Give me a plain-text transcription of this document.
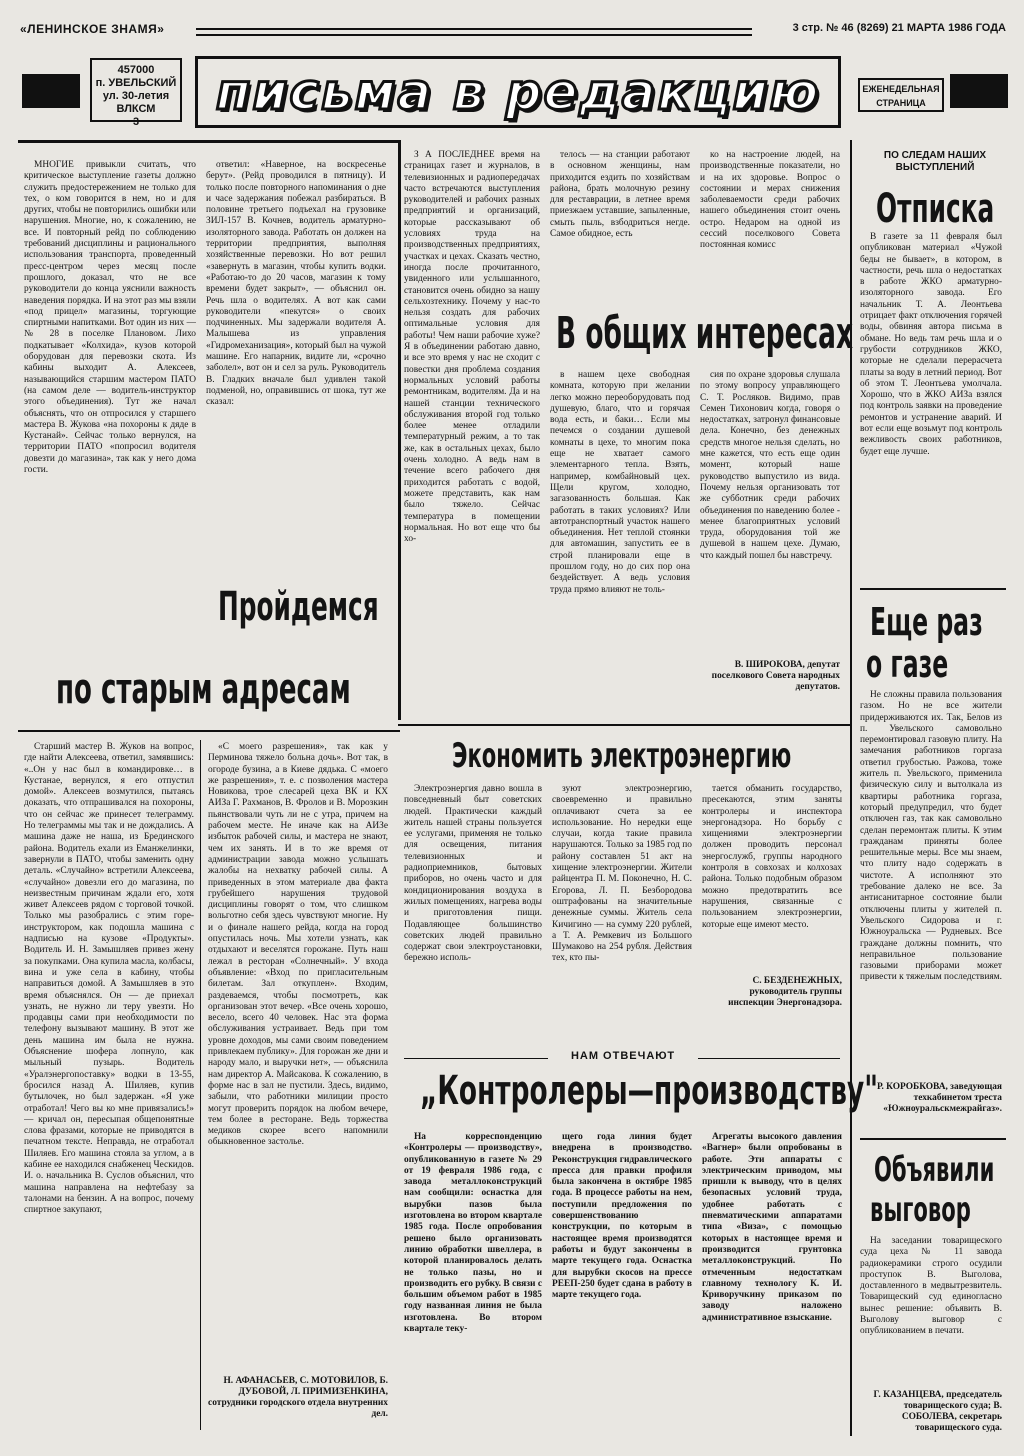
«ЛЕНИНСКОЕ ЗНАМЯ»	3 стр. № 46 (8269) 21 МАРТА 1986 ГОДА
457000
п. УВЕЛЬСКИЙ
ул. 30-летия ВЛКСМ
3
письма в редакцию	ЕЖЕНЕДЕЛЬНАЯ
СТРАНИЦА

МНОГИЕ привыкли считать, что критическое выступление газеты должно служить предостережением не только для тех, о ком говорится в нем, но и для других, чтобы не повторились ошибки или нарушения. Многие, но, к сожалению, не все. И повторный рейд по соблюдению требований дисциплины и рационального использования транспорта, проведенный пресс-центром через месяц после прошлого, доказал, что не все руководители до конца уяснили важность наведения порядка. И на этот раз мы взяли «под прицел» магазины, торгующие спиртными напитками. Вот один из них — № 28 в поселке Плановом. Лихо подкатывает «Колхида», кузов которой оборудован для перевозки скота. Из кабины выходит А. Алексеев, называющийся старшим мастером ПАТО (на самом деле — водитель-инструктор этого объединения). Тут же начал объяснять, что он отпросился у старшего мастера В. Жукова «на похороны к дяде в Кустанай». Сейчас только вернулся, на территории ПАТО «попросил водителя довезти до магазина», так как у него дома гости.

ответил: «Наверное, на воскресенье берут». (Рейд проводился в пятницу). И только после повторного напоминания о дне и часе задержания побежал разбираться. В половине третьего подъехал на грузовике ЗИЛ-157 В. Кочнев, водитель арматурно-изоляторного завода. Работать он должен на территории предприятия, выполняя хозяйственные перевозки. Но вот решил «завернуть в магазин, чтобы купить водки. «Работаю-то до 20 часов, магазин к тому времени будет закрыт», — объяснил он. Речь шла о водителях. А вот как сами руководители «пекутся» о своих подчиненных. Мы задержали водителя А. Малышева из управления «Гидромеханизация», который был на чужой машине. Его напарник, видите ли, «срочно заболел», вот он и сел за руль. Руководитель В. Гладких вначале был удивлен такой подменой, но, оправившись от шока, тут же сказал:

Пройдемся
по старым адресам

Старший мастер В. Жуков на вопрос, где найти Алексеева, ответил, замявшись: «..Он у нас был в командировке… в Кустанае, вернулся, я его отпустил домой». Алексеев возмутился, пытаясь доказать, что отпрашивался на похороны, что он сейчас же принесет телеграмму. Но телеграммы мы так и не дождались. А машина даже не наша, из Брединского района. Водитель ехали из Еманжелинки, завернули в ПАТО, чтобы заменить одну деталь. «Случайно» встретили Алексеева, «случайно» довезли его до магазина, по неизвестным причинам ждали его, хотя живет Алексеев рядом с торговой точкой. Только мы разобрались с этим горе-инструктором, как подошла машина с надписью на кузове «Продукты». Водитель И. Н. Замышляев привез жену за покупками. Она купила масла, колбасы, вина и уже села в кабину, чтобы направиться домой. А Замышляев в это время объяснялся. Он — де приехал узнать, не нужно ли теру увезти. Но продавцы сами при необходимости по телефону вызывают машину. В этот же день машина им была не нужна. Объяснение шофера лопнуло, как мыльный пузырь. Водитель «Уралэнергопоставку» водки в 13-55, бросился назад А. Шиляев, купив бутылочек, но был задержан. «Я уже отработал! Чего вы ко мне привязались!» — кричал он, пересыпая общепонятные слова фразами, которые не приводятся в печатном тексте. Неправда, не отработал Шиляев. Его машина стояла за углом, а в кабине ее находился снабженец Ческидов. И. о. начальника В. Суслов объяснил, что машина направлена на нефтебазу за талонами на бензин. А на вопрос, почему спиртное закупают,

«С моего разрешения», так как у Перминова тяжело больна дочь». Вот так, в огороде бузина, а в Киеве дядька. С «моего же разрешения», т. е. с позволения мастера Новикова, трое слесарей цеха ВК и КХ АИЗа Г. Рахманов, В. Фролов и В. Морозкин пьянствовали чуть ли не с утра, причем на рабочем месте. Не иначе как на АИЗе избыток рабочей силы, и мастера не знают, чем их занять. И в то же время от администрации завода можно услышать жалобы на нехватку рабочей силы. А приведенных в этом материале два факта грубейшего нарушения трудовой дисциплины говорят о том, что слишком вольготно себя здесь чувствуют многие. Ну и о финале нашего рейда, когда на город опустилась ночь. Мы хотели узнать, как отдыхают и веселятся горожане. Путь наш лежал в ресторан «Солнечный». У входа объявление: «Вход по пригласительным билетам. Зал откуплен». Входим, раздеваемся, чтобы посмотреть, как организован этот вечер. «Все очень хорошо, весело, всего 40 человек. Нас эта форма обслуживания устраивает. Ведь при том уровне доходов, мы сами своим поведением привлекаем публику». Для горожан же дни и народу мало, и выручки нет», — объяснила нам директор А. Майсакова. К сожалению, в форме нас в зал не пустили. Здесь, видимо, забыли, что работники милиции просто могут проверить порядок на любом вечере, тем более в ресторане. Ведь торжества медиков скорее всего напомнили обыкновенное застолье.

Н. АФАНАСЬЕВ, С. МОТОВИЛОВ, Б. ДУБОВОЙ, Л. ПРИМИЗЕНКИНА, сотрудники городского отдела внутренних дел.

З А ПОСЛЕДНЕЕ время на страницах газет и журналов, в телевизионных и радиопередачах часто встречаются выступления руководителей и рабочих разных предприятий и организаций, которые рассказывают об условиях труда на производственных предприятиях, участках и цехах. Сказать честно, иногда после прочитанного, увиденного или услышанного, становится очень обидно за нашу сельхозтехнику. Почему у нас-то нельзя создать для рабочих оптимальные условия для работы! Чем наши рабочие хуже? Я в объединении работаю давно, и все это время у нас не сходит с повестки дня проблема создания нормальных условий работы ремонтникам, водителям. Да и на нашей станции технического обслуживания второй год только более менее отладили температурный режим, а то так же, как в остальных цехах, было очень холодно. А ведь нам в течение всего рабочего дня приходится работать с водой, можете представить, как нам было тяжело. Сейчас температура в помещении нормальная. Но вот еще что бы хо-

телось — на станции работают в основном женщины, нам приходится ездить по хозяйствам района, брать молочную резину для реставрации, в летнее время приезжаем уставшие, запыленные, смыть пыль, взбодриться негде. Самое обидное, есть

ко на настроение людей, на производственные показатели, но и на их здоровье. Вопрос о состоянии и мерах снижения заболеваемости среди рабочих нашего объединения стоит очень остро. Недаром на одной из сессий поселкового Совета постоянная комисс

В общих интересах

в нашем цехе свободная комната, которую при желании легко можно переоборудовать под душевую, благо, что и горячая вода есть, и баки… Если мы печемся о создании душевой комнаты в цехе, то многим пока еще не хватает самого элементарного тепла. Взять, например, комбайновый цех. Щели кругом, холодно, загазованность большая. Как работать в таких условиях? Или автотранспортный участок нашего объединения. Нет теплой стоянки для автомашин, запустить ее в строй планировали еще в прошлом году, но до сих пор она бездействует. А ведь условия труда прямо влияют не толь-

сия по охране здоровья слушала по этому вопросу управляющего С. Т. Росляков. Видимо, прав Семен Тихонович когда, говоря о недостатках, затронул финансовые дела. Конечно, без денежных средств многое нельзя сделать, но мне кажется, что есть еще один момент, который наше руководство выпустило из вида. Почему нельзя организовать тот же субботник среди рабочих объединения по наведению более - менее благоприятных условий труда, оборудования той же душевой в нашем цехе. Думаю, что каждый пошел бы навстречу.

В. ШИРОКОВА, депутат поселкового Совета народных депутатов.
Экономить электроэнергию

Электроэнергия давно вошла в повседневный быт советских людей. Практически каждый житель нашей страны пользуется ее услугами, применяя не только для освещения, питания телевизионных и радиоприемников, бытовых приборов, но очень часто и для кондиционирования воздуха в жилых помещениях, нагрева воды и приготовления пищи. Подавляющее большинство советских людей правильно содержат свои электроустановки, бережно исполь-

зуют электроэнергию, своевременно и правильно оплачивают счета за ее использование. Но нередки еще случаи, когда такие правила нарушаются. Только за 1985 год по району составлен 51 акт на хищение электроэнергии. Жители райцентра П. М. Поконечно, Н. С. Егорова, Л. П. Безбородова оштрафованы на значительные денежные суммы. Житель села Кичигино — на сумму 220 рублей, а Т. А. Ремкевич из Большого Шумаково на 254 рубля. Действия тех, кто пы-

тается обманить государство, пресекаются, этим заняты контролеры и инспектора энергонадзора. Но борьбу с хищениями электроэнергии должен проводить персонал энергослужб, группы народного контроля в совхозах и колхозах района. Только подобным образом можно предотвратить все нарушения, связанные с пользованием электроэнергии, которые еще имеют место.

С. БЕЗДЕНЕЖНЫХ, руководитель группы инспекции Энергонадзора.
НАМ ОТВЕЧАЮТ
„Контролеры—производству"

На корреспонденцию «Контролеры — производству», опубликованную в газете № 29 от 19 февраля 1986 года, с завода металлоконструкций нам сообщили: оснастка для вырубки пазов была изготовлена во втором квартале 1985 года. После опробования решено было организовать линию обработки швеллера, в которой планировалось делать не только пазы, но и производить его рубку. В связи с большим объемом работ в 1985 году названная линия не была изготовлена. Во втором квартале теку-

щего года линия будет внедрена в производство. Реконструкция гидравлического пресса для правки профиля была закончена в октябре 1985 года. В процессе работы на нем, поступили предложения по совершенствованию конструкции, по которым в настоящее время производятся работы и будут закончены в марте текущего года. Оснастка для вырубки скосов на прессе РЕЕП-250 будет сдана в работу в марте текущего года.

Агрегаты высокого давления «Вагнер» были опробованы в работе. Эти аппараты с электрическим приводом, мы пришли к выводу, что в целях безопасных условий труда, удобнее работать с пневматическими аппаратами типа «Виза», с помощью которых в настоящее время и производится грунтовка металлоконструкций. По отмеченным недостаткам главному технологу К. И. Криворучкину приказом по заводу наложено административное взыскание.

ПО СЛЕДАМ НАШИХ ВЫСТУПЛЕНИЙ
Отписка

В газете за 11 февраля был опубликован материал «Чужой беды не бывает», в котором, в частности, речь шла о недостатках в работе ЖКО арматурно-изоляторного завода. Его начальник Т. А. Леонтьева отрицает факт отключения горячей воды, обвиняя автора письма в обмане. Но ведь там речь шла и о грубости сотрудников ЖКО, которые не сделали перерасчета платы за воду в летний период. Вот об этом Т. Леонтьева умолчала. Хорошо, что в ЖКО АИЗа взялся под контроль заявки на проведение ремонтов и устранение аварий. И вот если еще возьмут под контроль вежливость своих работников, будет еще лучше.

Еще раз
о газе

Не сложны правила пользования газом. Но не все жители придерживаются их. Так, Белов из п. Увельского самовольно перемонтировал газовую плиту. На замечания работников горгаза ответил грубостью. Ражова, тоже житель п. Увельского, применила физическую силу и вытолкала из квартиры работника горгаза, который предупредил, что будет отключен газ, так как самовольно сделан перемонтаж плиты. К этим гражданам приняты более решительные меры. Все мы знаем, что плиту надо содержать в чистоте. А исполняют это требование далеко не все. За антисанитарное состояние были отключены плиты у жителей п. Увельского Сидорова и г. Южноуральска — Рудневых. Все граждане должны помнить, что неправильное пользование газовыми приборами может привести к тяжелым последствиям.

Р. КОРОБКОВА, заведующая техкабинетом треста «Южноуральскмежрайгаз».
Объявили
выговор

На заседании товарищеского суда цеха № 11 завода радиокерамики строго осудили проступок В. Выголова, доставленного в медвытрезвитель. Товарищеский суд единогласно вынес решение: объявить В. Выголову выговор с опубликованием в печати.

Г. КАЗАНЦЕВА, председатель товарищеского суда; В. СОБОЛЕВА, секретарь товарищеского суда.
